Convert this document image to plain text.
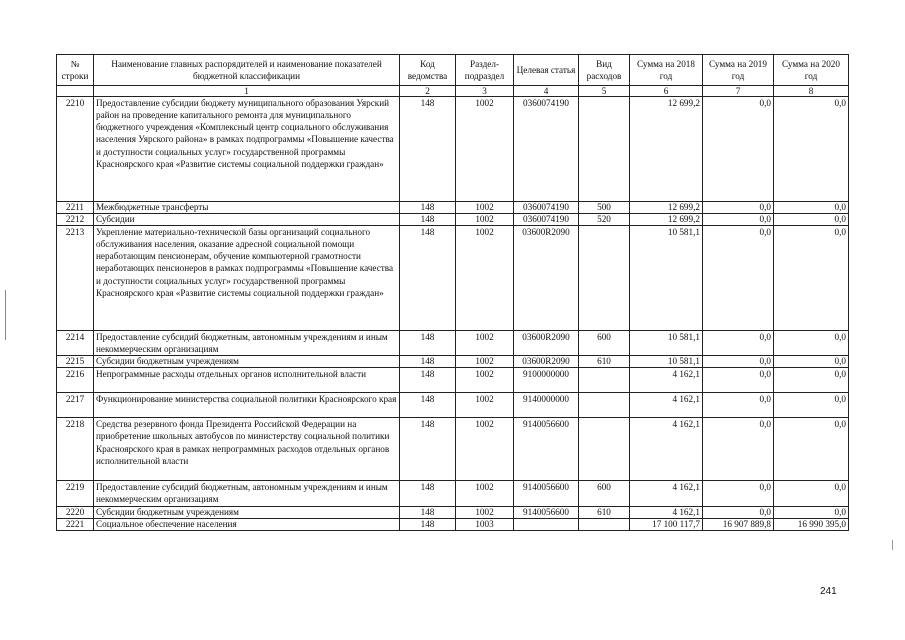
№ строки	Наименование главных распорядителей и наименование показателей бюджетной классификации	Код ведомства	Раздел-подраздел	Целевая статья	Вид расходов	Сумма на 2018 год	Сумма на 2019 год	Сумма на 2020 год
	1	2	3	4	5	6	7	8
2210	Предоставление субсидии бюджету муниципального образования Уярский район на проведение капитального ремонта для муниципального бюджетного учреждения «Комплексный центр социального обслуживания населения Уярского района» в рамках подпрограммы «Повышение качества и доступности социальных услуг» государственной программы Красноярского края «Развитие системы социальной поддержки граждан»	148	1002	0360074190		12 699,2	0,0	0,0
2211	Межбюджетные трансферты	148	1002	0360074190	500	12 699,2	0,0	0,0
2212	Субсидии	148	1002	0360074190	520	12 699,2	0,0	0,0
2213	Укрепление материально-технической базы организаций социального обслуживания населения, оказание адресной социальной помощи неработающим пенсионерам, обучение компьютерной грамотности неработающих пенсионеров в рамках подпрограммы «Повышение качества и доступности социальных услуг» государственной программы Красноярского края «Развитие системы социальной поддержки граждан»	148	1002	03600R2090		10 581,1	0,0	0,0
2214	Предоставление субсидий бюджетным, автономным учреждениям и иным некоммерческим организациям	148	1002	03600R2090	600	10 581,1	0,0	0,0
2215	Субсидии бюджетным учреждениям	148	1002	03600R2090	610	10 581,1	0,0	0,0
2216	Непрограммные расходы отдельных органов исполнительной власти	148	1002	9100000000		4 162,1	0,0	0,0
2217	Функционирование министерства социальной политики Красноярского края	148	1002	9140000000		4 162,1	0,0	0,0
2218	Средства резервного фонда Президента Российской Федерации на приобретение школьных автобусов по министерству социальной политики Красноярского края в рамках непрограммных расходов отдельных органов исполнительной власти	148	1002	9140056600		4 162,1	0,0	0,0
2219	Предоставление субсидий бюджетным, автономным учреждениям и иным некоммерческим организациям	148	1002	9140056600	600	4 162,1	0,0	0,0
2220	Субсидии бюджетным учреждениям	148	1002	9140056600	610	4 162,1	0,0	0,0
2221	Социальное обеспечение населения	148	1003			17 100 117,7	16 907 889,8	16 990 395,0
241
